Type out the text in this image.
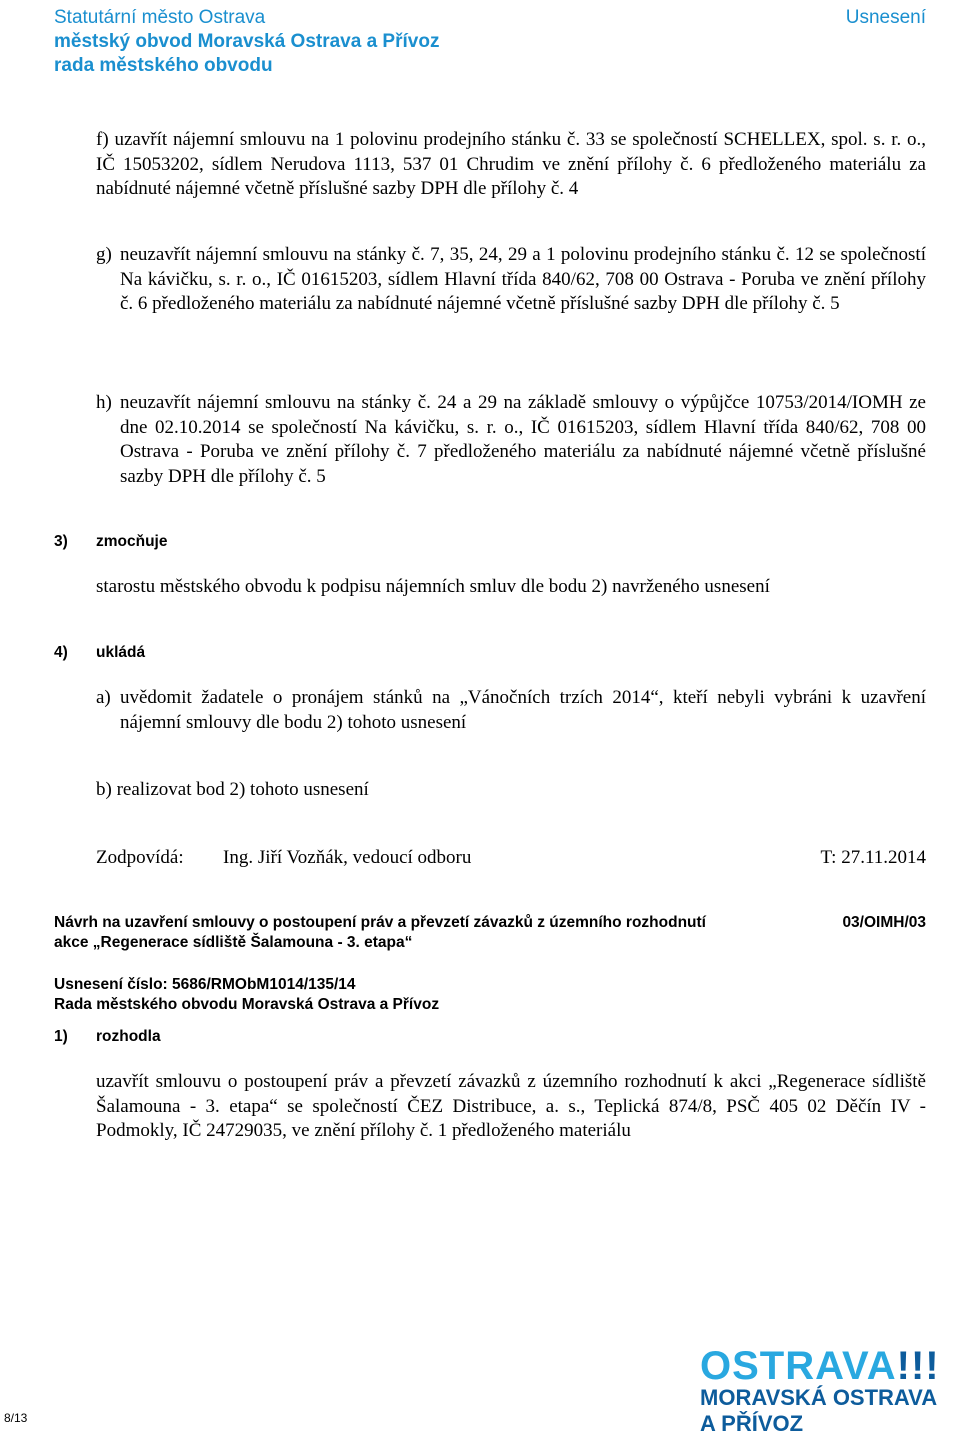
Statutární město Ostrava
městský obvod Moravská Ostrava a Přívoz
rada městského obvodu
Usnesení
f) uzavřít nájemní smlouvu na 1 polovinu prodejního stánku č. 33 se společností SCHELLEX, spol. s. r. o., IČ 15053202, sídlem Nerudova 1113, 537 01 Chrudim ve znění přílohy č. 6 předloženého materiálu za nabídnuté nájemné včetně příslušné sazby DPH dle přílohy č. 4
g) neuzavřít nájemní smlouvu na stánky č. 7, 35, 24, 29 a 1 polovinu prodejního stánku č. 12 se společností Na kávičku, s. r. o., IČ 01615203, sídlem Hlavní třída 840/62, 708 00 Ostrava - Poruba ve znění přílohy č. 6 předloženého materiálu za nabídnuté nájemné včetně příslušné sazby DPH dle přílohy č. 5
h) neuzavřít nájemní smlouvu na stánky č. 24 a 29 na základě smlouvy o výpůjčce 10753/2014/IOMH ze dne 02.10.2014 se společností Na kávičku, s. r. o., IČ 01615203, sídlem Hlavní třída 840/62, 708 00 Ostrava - Poruba ve znění přílohy č. 7 předloženého materiálu za nabídnuté nájemné včetně příslušné sazby DPH dle přílohy č. 5
3) zmocňuje
starostu městského obvodu k podpisu nájemních smluv dle bodu 2) navrženého usnesení
4) ukládá
a) uvědomit žadatele o pronájem stánků na „Vánočních trzích 2014“, kteří nebyli vybráni k uzavření nájemní smlouvy dle bodu 2) tohoto usnesení
b) realizovat bod 2) tohoto usnesení
Zodpovídá: Ing. Jiří Vozňák, vedoucí odboru	T: 27.11.2014
Návrh na uzavření smlouvy o postoupení práv a převzetí závazků z územního rozhodnutí akce „Regenerace sídliště Šalamouna - 3. etapa“
03/OIMH/03
Usnesení číslo: 5686/RMObM1014/135/14
Rada městského obvodu Moravská Ostrava a Přívoz
1) rozhodla
uzavřít smlouvu o postoupení práv a převzetí závazků z územního rozhodnutí k akci „Regenerace sídliště Šalamouna - 3. etapa“ se společností ČEZ Distribuce, a. s., Teplická 874/8, PSČ 405 02 Děčín IV - Podmokly, IČ 24729035, ve znění přílohy č. 1 předloženého materiálu
8/13
OSTRAVA!!!
MORAVSKÁ OSTRAVA
A PŘÍVOZ
